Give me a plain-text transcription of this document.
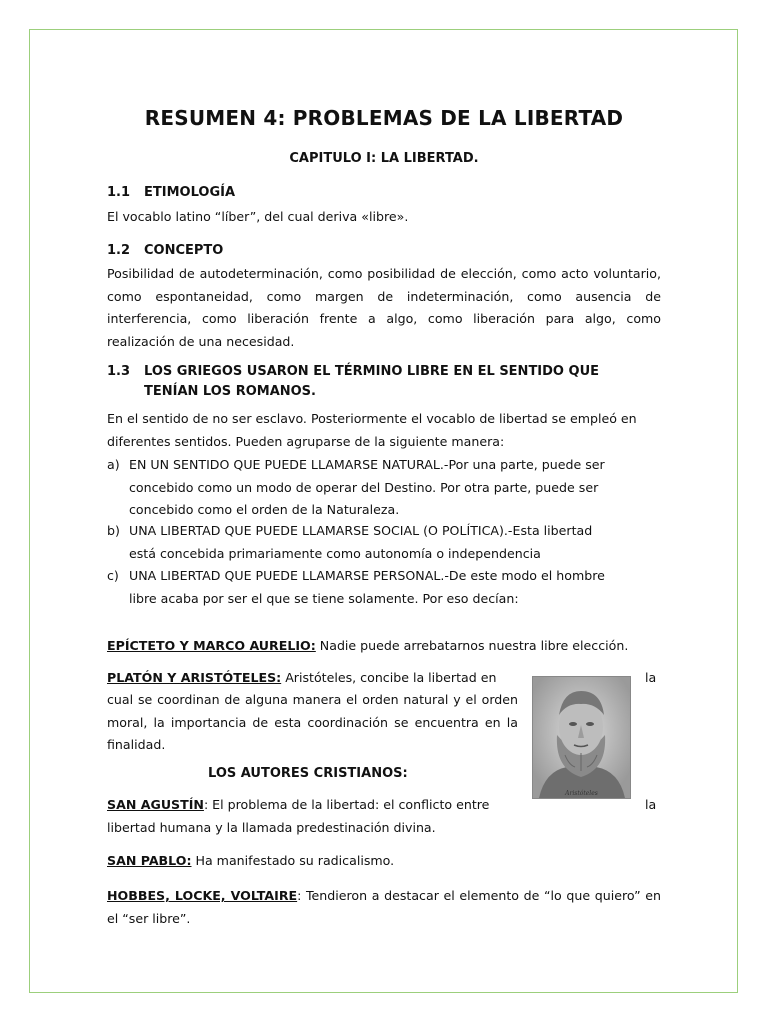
RESUMEN 4: PROBLEMAS DE LA LIBERTAD
CAPITULO I: LA LIBERTAD.
1.1 ETIMOLOGÍA
El vocablo latino “líber”, del cual deriva «libre».
1.2 CONCEPTO
Posibilidad de autodeterminación, como posibilidad de elección, como acto voluntario, como espontaneidad, como margen de indeterminación, como ausencia de interferencia, como liberación frente a algo, como liberación para algo, como realización de una necesidad.
1.3 LOS GRIEGOS USARON EL TÉRMINO LIBRE EN EL SENTIDO QUE
TENÍAN LOS ROMANOS.
En el sentido de no ser esclavo. Posteriormente el vocablo de libertad se empleó en diferentes sentidos. Pueden agruparse de la siguiente manera:
a) EN UN SENTIDO QUE PUEDE LLAMARSE NATURAL.-Por una parte, puede ser
concebido como un modo de operar del Destino. Por otra parte, puede ser concebido como el orden de la Naturaleza.
b) UNA LIBERTAD QUE PUEDE LLAMARSE SOCIAL (O POLÍTICA).-Esta libertad
está concebida primariamente como autonomía o independencia
c) UNA LIBERTAD QUE PUEDE LLAMARSE PERSONAL.-De este modo el hombre
libre acaba por ser el que se tiene solamente. Por eso decían:
EPÍCTETO Y MARCO AURELIO: Nadie puede arrebatarnos nuestra libre elección.
PLATÓN Y ARISTÓTELES: Aristóteles, concibe la libertad en	la
cual se coordinan de alguna manera el orden natural y el orden moral, la importancia de esta coordinación se encuentra en la finalidad.
LOS AUTORES CRISTIANOS:
Aristóteles
SAN AGUSTÍN: El problema de la libertad: el conflicto entre	la
libertad humana y la llamada predestinación divina.
SAN PABLO: Ha manifestado su radicalismo.
HOBBES, LOCKE, VOLTAIRE: Tendieron a destacar el elemento de “lo que quiero” en el “ser libre”.
